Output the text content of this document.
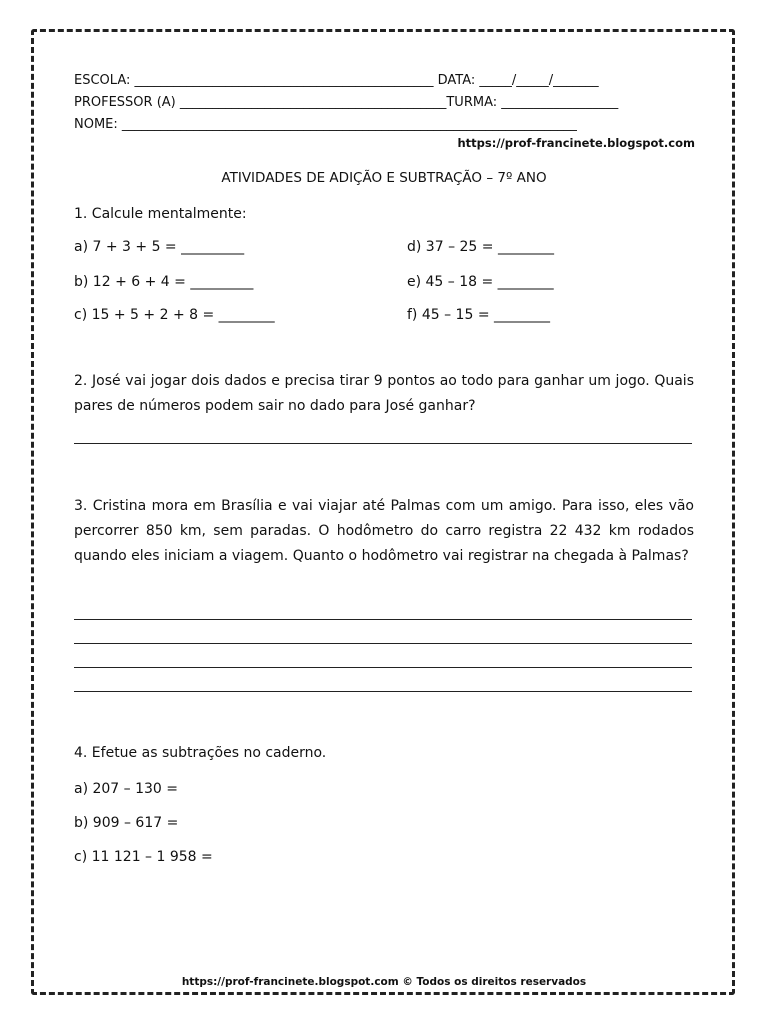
ESCOLA: ______________________________________________ DATA: _____/_____/_______
PROFESSOR (A) _________________________________________TURMA: __________________
NOME: ______________________________________________________________________
https://prof-francinete.blogspot.com
ATIVIDADES DE ADIÇÃO E SUBTRAÇÃO – 7º ANO
1. Calcule mentalmente:
a) 7 + 3 + 5 = _________
b) 12 + 6 + 4 = _________
c) 15 + 5 + 2 + 8 = ________
d) 37 – 25 = ________
e) 45 – 18 = ________
f) 45 – 15 = ________
2. José vai jogar dois dados e precisa tirar 9 pontos ao todo para ganhar um jogo. Quais pares de números podem sair no dado para José ganhar?
3. Cristina mora em Brasília e vai viajar até Palmas com um amigo. Para isso, eles vão percorrer 850 km, sem paradas. O hodômetro do carro registra 22 432 km rodados quando eles iniciam a viagem. Quanto o hodômetro vai registrar na chegada à Palmas?
4. Efetue as subtrações no caderno.
a) 207 – 130 =
b) 909 – 617 =
c) 11 121 – 1 958 =
https://prof-francinete.blogspot.com © Todos os direitos reservados
